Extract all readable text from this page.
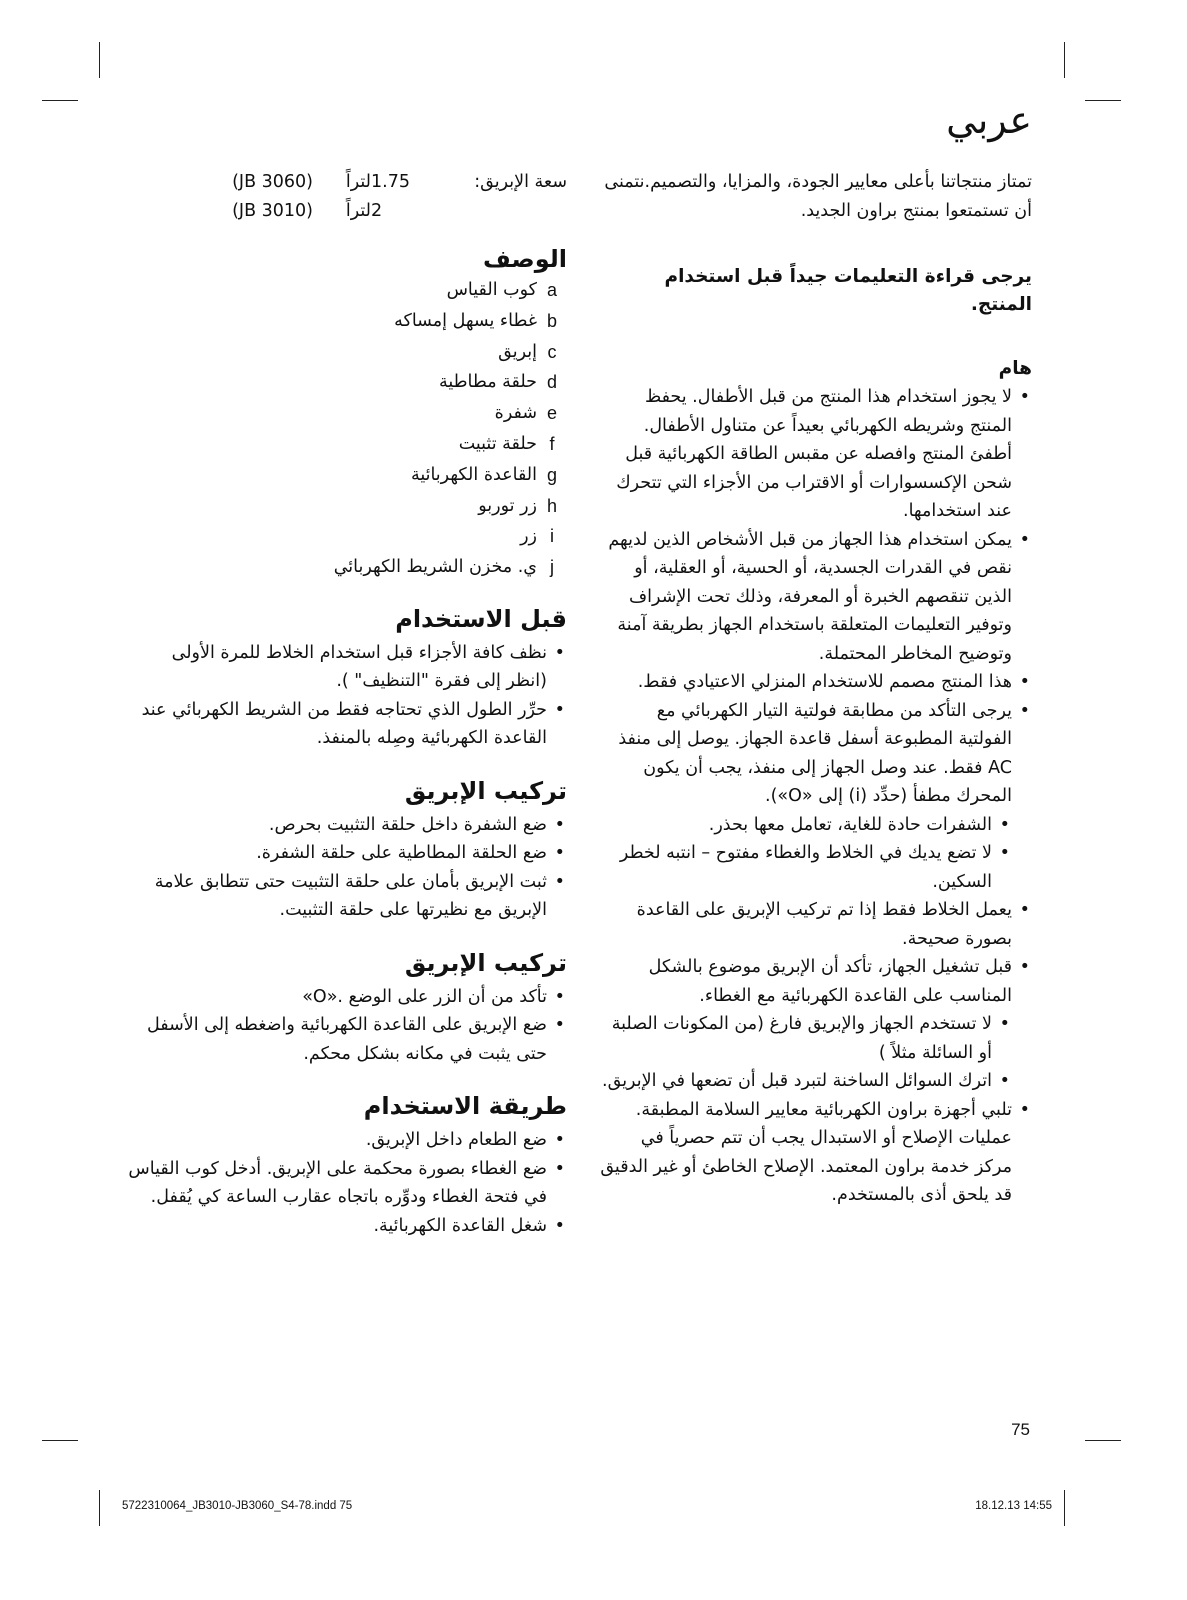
عربي

تمتاز منتجاتنا بأعلى معايير الجودة، والمزايا، والتصميم.نتمنى أن تستمتعوا بمنتج براون الجديد.

يرجى قراءة التعليمات جيداً قبل استخدام المنتج.

هام
• لا يجوز استخدام هذا المنتج من قبل الأطفال. يحفظ المنتج وشريطه الكهربائي بعيداً عن متناول الأطفال. أطفئ المنتج وافصله عن مقبس الطاقة الكهربائية قبل شحن الإكسسوارات أو الاقتراب من الأجزاء التي تتحرك عند استخدامها.
• يمكن استخدام هذا الجهاز من قبل الأشخاص الذين لديهم نقص في القدرات الجسدية، أو الحسية، أو العقلية، أو الذين تنقصهم الخبرة أو المعرفة، وذلك تحت الإشراف وتوفير التعليمات المتعلقة باستخدام الجهاز بطريقة آمنة وتوضيح المخاطر المحتملة.
• هذا المنتج مصمم للاستخدام المنزلي الاعتيادي فقط.
• يرجى التأكد من مطابقة فولتية التيار الكهربائي مع الفولتية المطبوعة أسفل قاعدة الجهاز. يوصل إلى منفذ AC فقط. عند وصل الجهاز إلى منفذ، يجب أن يكون المحرك مطفأ (حدِّد (i) إلى «O»).
• الشفرات حادة للغاية، تعامل معها بحذر.
• لا تضع يديك في الخلاط والغطاء مفتوح – انتبه لخطر السكين.
• يعمل الخلاط فقط إذا تم تركيب الإبريق على القاعدة بصورة صحيحة.
• قبل تشغيل الجهاز، تأكد أن الإبريق موضوع بالشكل المناسب على القاعدة الكهربائية مع الغطاء.
• لا تستخدم الجهاز والإبريق فارغ (من المكونات الصلبة أو السائلة مثلاً )
• اترك السوائل الساخنة لتبرد قبل أن تضعها في الإبريق.
• تلبي أجهزة براون الكهربائية معايير السلامة المطبقة. عمليات الإصلاح أو الاستبدال يجب أن تتم حصرياً في مركز خدمة براون المعتمد. الإصلاح الخاطئ أو غير الدقيق قد يلحق أذى بالمستخدم.
سعة الإبريق:
1.75
لتراً
(JB 3060)
2
لتراً
(JB 3010)
الوصف
a
كوب القياس
b
غطاء يسهل إمساكه
c
إبريق
d
حلقة مطاطية
e
شفرة
f
حلقة تثبيت
g
القاعدة الكهربائية
h
زر توربو
i
زر
j
ي. مخزن الشريط الكهربائي
قبل الاستخدام
• نظف كافة الأجزاء قبل استخدام الخلاط للمرة الأولى (انظر إلى فقرة "التنظيف" ).
• حرِّر الطول الذي تحتاجه فقط من الشريط الكهربائي عند القاعدة الكهربائية وصِله بالمنفذ.
تركيب الإبريق
• ضع الشفرة داخل حلقة التثبيت بحرص.
• ضع الحلقة المطاطية على حلقة الشفرة.
• ثبت الإبريق بأمان على حلقة التثبيت حتى تتطابق علامة الإبريق مع نظيرتها على حلقة التثبيت.
تركيب الإبريق
• تأكد من أن الزر على الوضع .«O»
• ضع الإبريق على القاعدة الكهربائية واضغطه إلى الأسفل حتى يثبت في مكانه بشكل محكم.
طريقة الاستخدام
• ضع الطعام داخل الإبريق.
• ضع الغطاء بصورة محكمة على الإبريق. أدخل كوب القياس في فتحة الغطاء ودوِّره باتجاه عقارب الساعة كي يُقفل.
• شغل القاعدة الكهربائية.
75
5722310064_JB3010-JB3060_S4-78.indd 75	18.12.13 14:55
